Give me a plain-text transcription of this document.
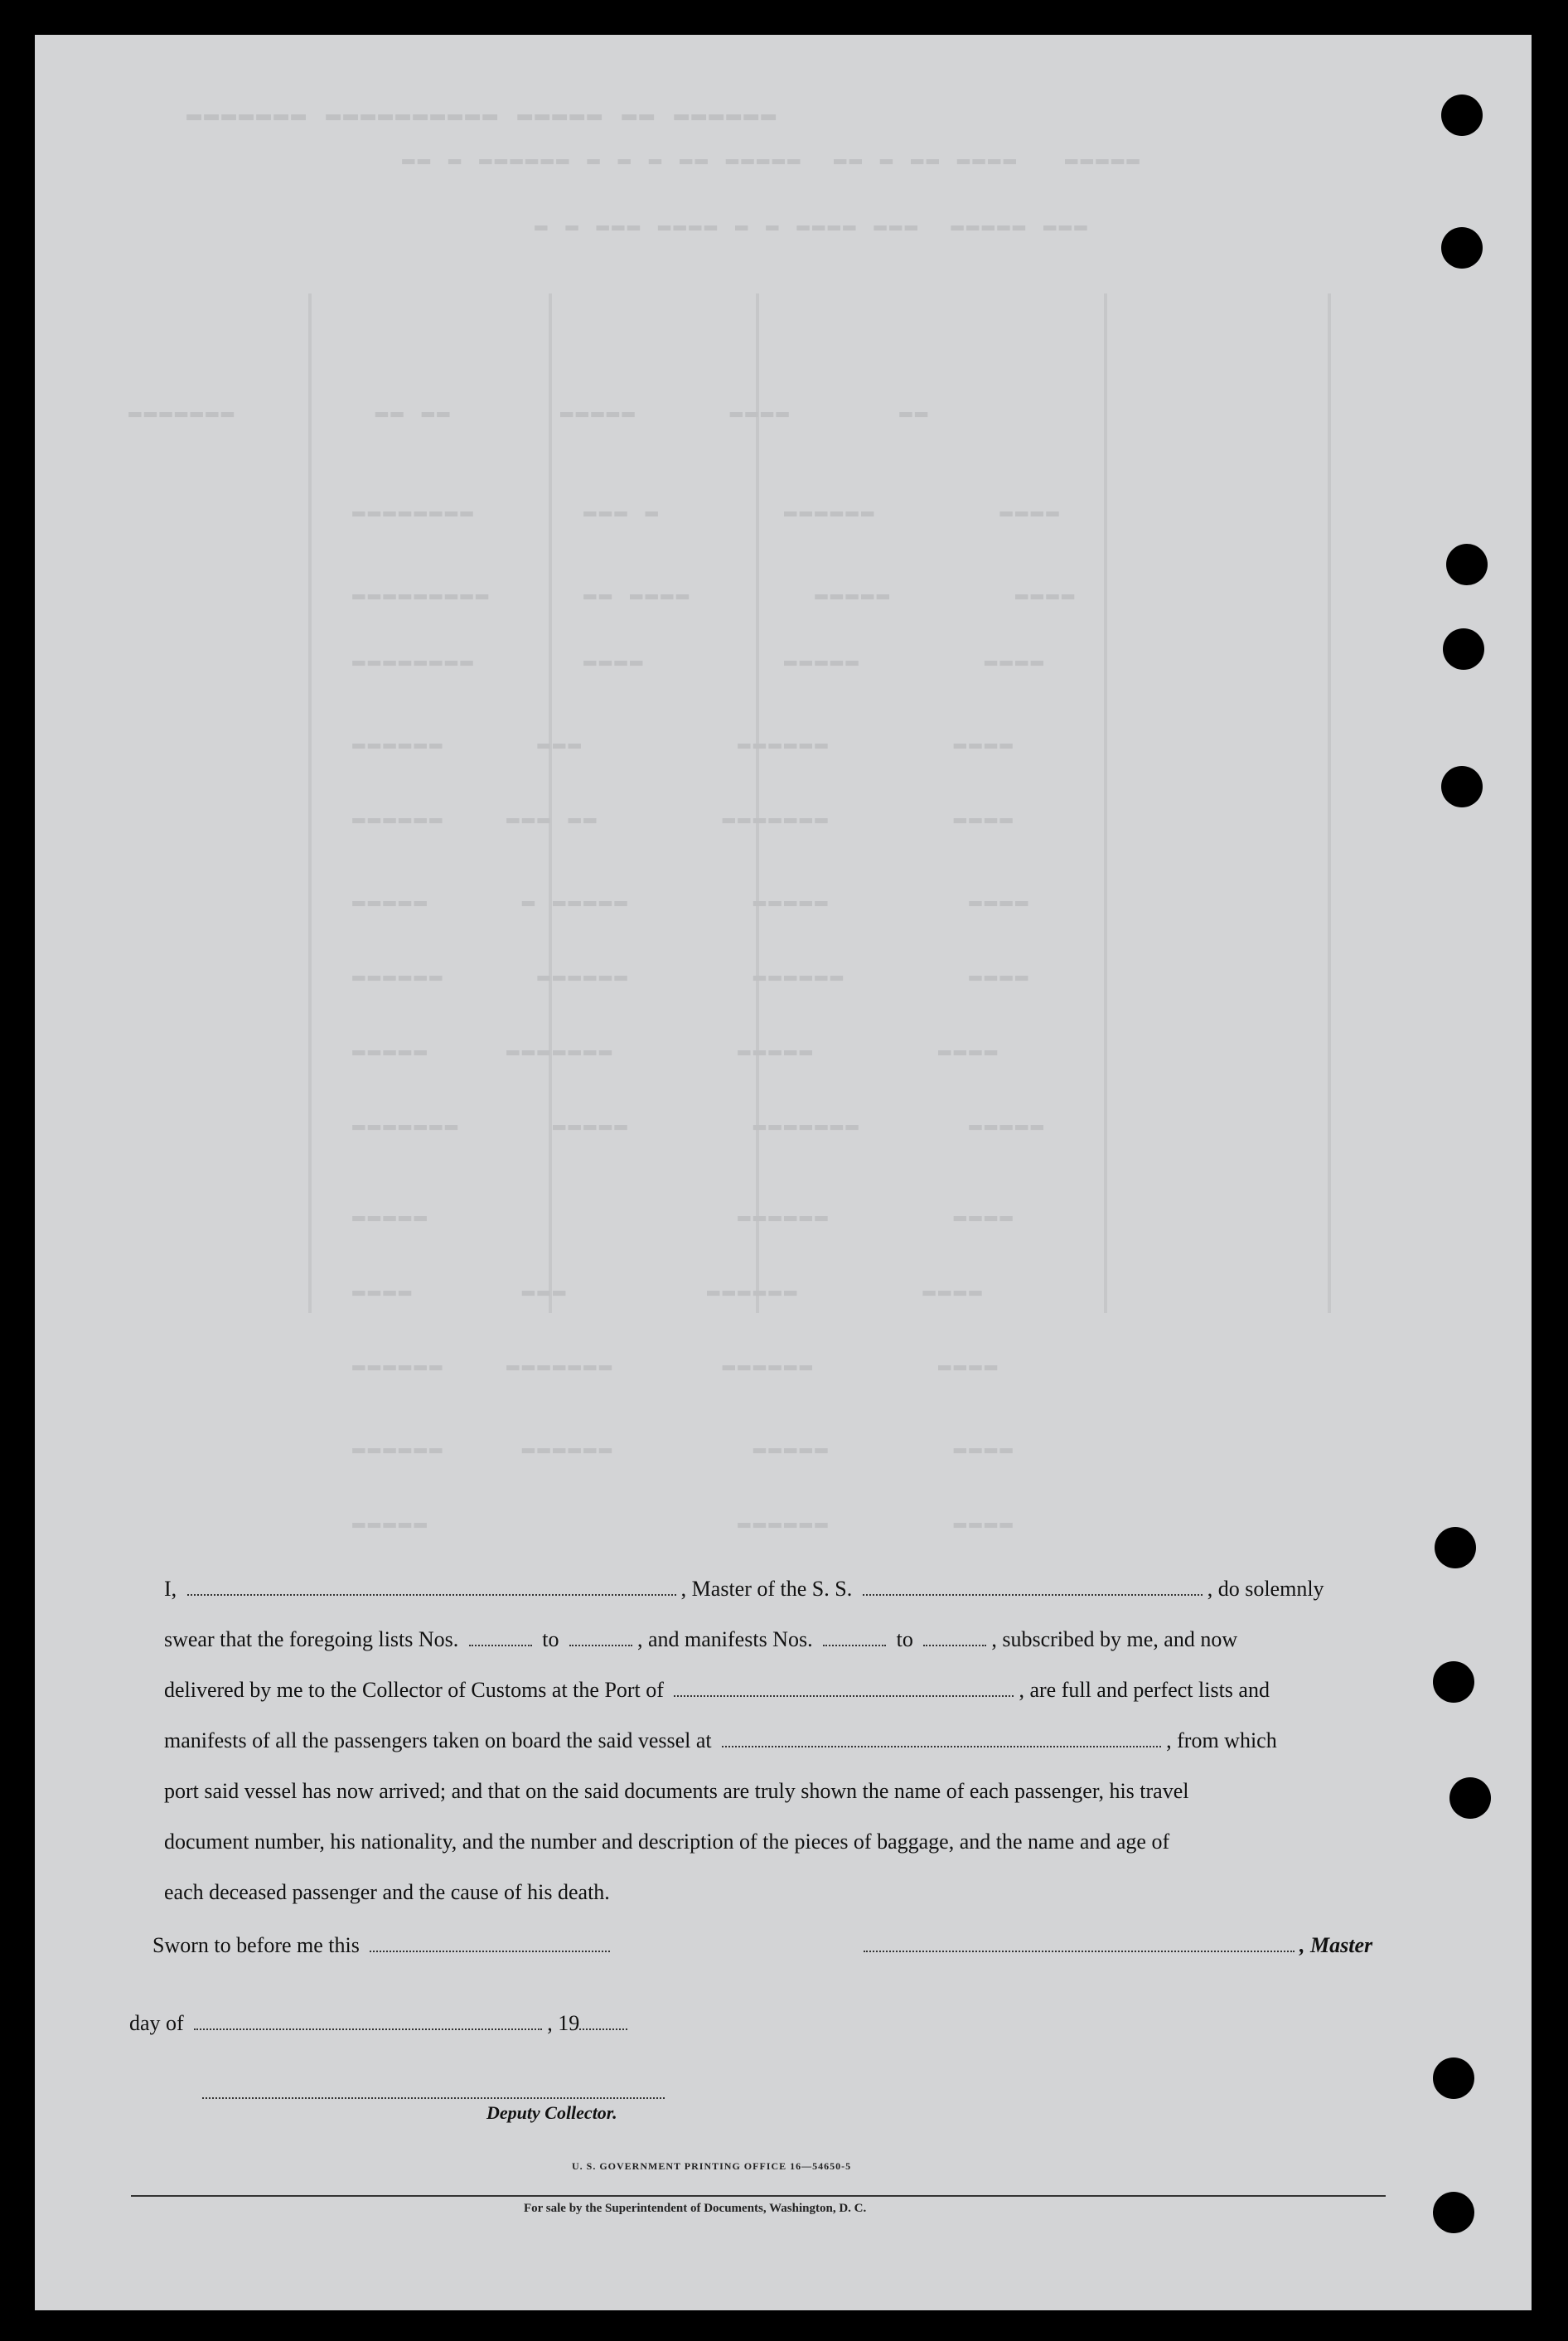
▬▬▬▬▬▬ ▬▬ ▬▬▬▬▬ ▬▬▬▬▬▬▬▬▬▬ ▬▬▬▬▬▬▬
▬▬▬▬▬   ▬▬▬▬ ▬▬ ▬ ▬▬  ▬▬▬▬▬ ▬▬ ▬ ▬ ▬ ▬▬▬▬▬▬ ▬ ▬▬
▬▬▬ ▬▬▬▬▬  ▬▬▬ ▬▬▬▬ ▬ ▬ ▬▬▬▬ ▬▬▬ ▬ ▬
▬▬       ▬▬▬▬      ▬▬▬▬▬       ▬▬ ▬▬         ▬▬▬▬▬▬▬
▬▬▬▬        ▬▬▬▬▬▬        ▬ ▬▬▬       ▬▬▬▬▬▬▬▬
▬▬▬▬        ▬▬▬▬▬        ▬▬▬▬ ▬▬      ▬▬▬▬▬▬▬▬▬
▬▬▬▬        ▬▬▬▬▬         ▬▬▬▬       ▬▬▬▬▬▬▬▬
▬▬▬▬        ▬▬▬▬▬▬          ▬▬▬      ▬▬▬▬▬▬
▬▬▬▬        ▬▬▬▬▬▬▬        ▬▬ ▬▬▬    ▬▬▬▬▬▬
▬▬▬▬         ▬▬▬▬▬        ▬▬▬▬▬ ▬      ▬▬▬▬▬
▬▬▬▬        ▬▬▬▬▬▬        ▬▬▬▬▬▬      ▬▬▬▬▬▬
▬▬▬▬        ▬▬▬▬▬        ▬▬▬▬▬▬▬     ▬▬▬▬▬
▬▬▬▬▬       ▬▬▬▬▬▬▬        ▬▬▬▬▬      ▬▬▬▬▬▬▬
▬▬▬▬        ▬▬▬▬▬▬                    ▬▬▬▬▬
▬▬▬▬        ▬▬▬▬▬▬         ▬▬▬       ▬▬▬▬
▬▬▬▬        ▬▬▬▬▬▬       ▬▬▬▬▬▬▬    ▬▬▬▬▬▬
▬▬▬▬        ▬▬▬▬▬         ▬▬▬▬▬▬     ▬▬▬▬▬▬
▬▬▬▬        ▬▬▬▬▬▬                    ▬▬▬▬▬

I,	, Master of the S. S.	, do solemnly

swear that the foregoing lists Nos.	to	, and manifests Nos.	to	, subscribed by me, and now

delivered by me to the Collector of Customs at the Port of	, are full and perfect lists and

manifests of all the passengers taken on board the said vessel at	, from which

port said vessel has now arrived; and that on the said documents are truly shown the name of each passenger, his travel

document number, his nationality, and the number and description of the pieces of baggage, and the name and age of

each deceased passenger and the cause of his death.

Sworn to before me this	, Master
day of	, 19
Deputy Collector.
U. S. GOVERNMENT PRINTING OFFICE 16—54650-5
For sale by the Superintendent of Documents, Washington, D. C.
